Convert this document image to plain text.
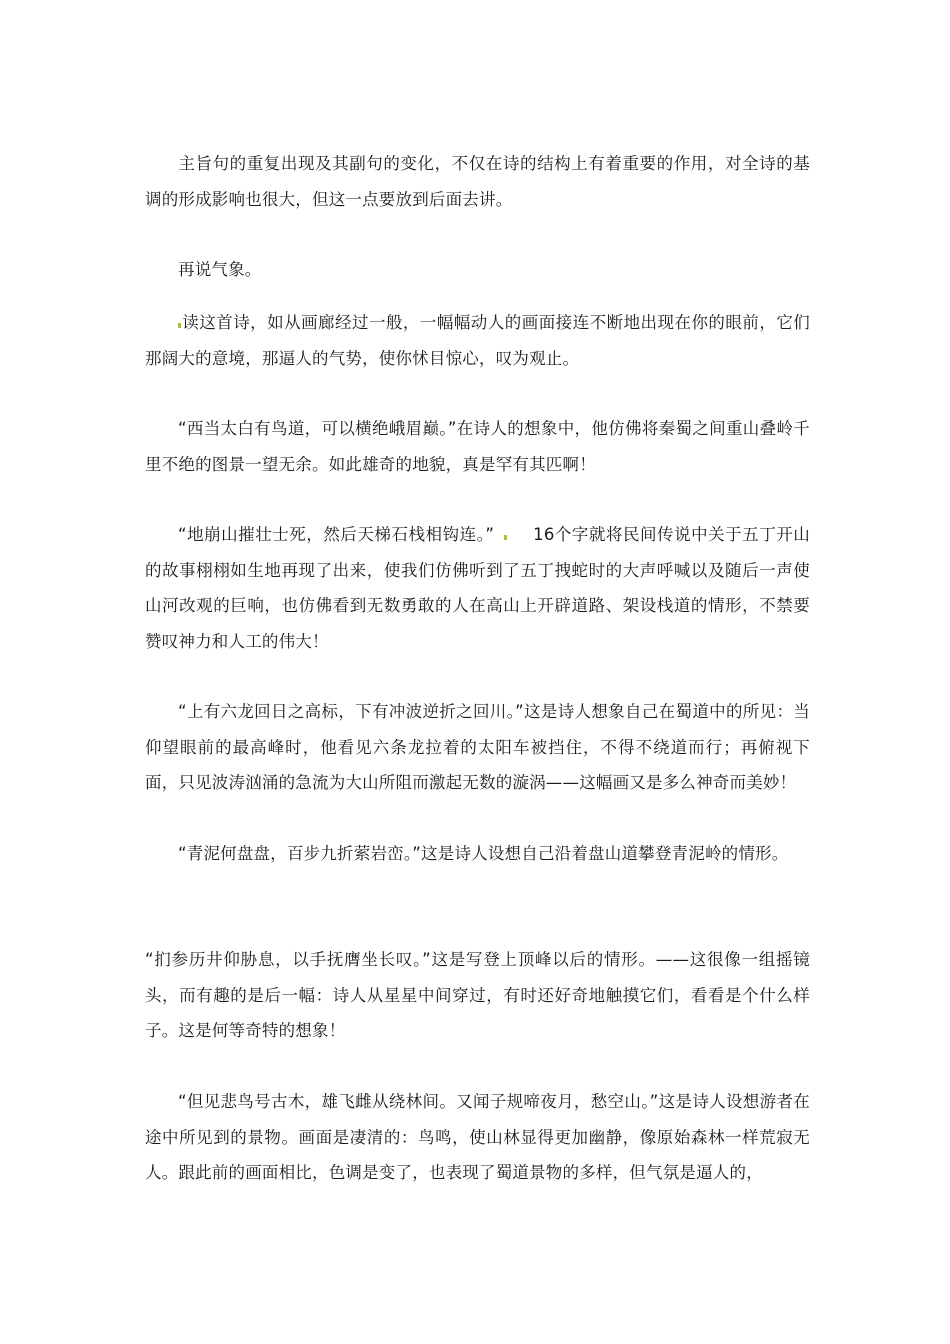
主旨句的重复出现及其副句的变化，不仅在诗的结构上有着重要的作用，对全诗的基调的形成影响也很大，但这一点要放到后面去讲。

再说气象。

读这首诗，如从画廊经过一般，一幅幅动人的画面接连不断地出现在你的眼前，它们那阔大的意境，那逼人的气势，使你怵目惊心，叹为观止。

“西当太白有鸟道，可以横绝峨眉巅。”在诗人的想象中，他仿佛将秦蜀之间重山叠岭千里不绝的图景一望无余。如此雄奇的地貌，真是罕有其匹啊！

“地崩山摧壮士死，然后天梯石栈相钩连。” 16个字就将民间传说中关于五丁开山的故事栩栩如生地再现了出来，使我们仿佛听到了五丁拽蛇时的大声呼喊以及随后一声使山河改观的巨响，也仿佛看到无数勇敢的人在高山上开辟道路、架设栈道的情形，不禁要赞叹神力和人工的伟大！

“上有六龙回日之高标，下有冲波逆折之回川。”这是诗人想象自己在蜀道中的所见：当仰望眼前的最高峰时，他看见六条龙拉着的太阳车被挡住，不得不绕道而行；再俯视下面，只见波涛汹涌的急流为大山所阻而激起无数的漩涡——这幅画又是多么神奇而美妙！

“青泥何盘盘，百步九折萦岩峦。”这是诗人设想自己沿着盘山道攀登青泥岭的情形。

“扪参历井仰胁息，以手抚膺坐长叹。”这是写登上顶峰以后的情形。——这很像一组摇镜头，而有趣的是后一幅：诗人从星星中间穿过，有时还好奇地触摸它们，看看是个什么样子。这是何等奇特的想象！

“但见悲鸟号古木，雄飞雌从绕林间。又闻子规啼夜月，愁空山。”这是诗人设想游者在途中所见到的景物。画面是凄清的：鸟鸣，使山林显得更加幽静，像原始森林一样荒寂无人。跟此前的画面相比，色调是变了，也表现了蜀道景物的多样，但气氛是逼人的，
